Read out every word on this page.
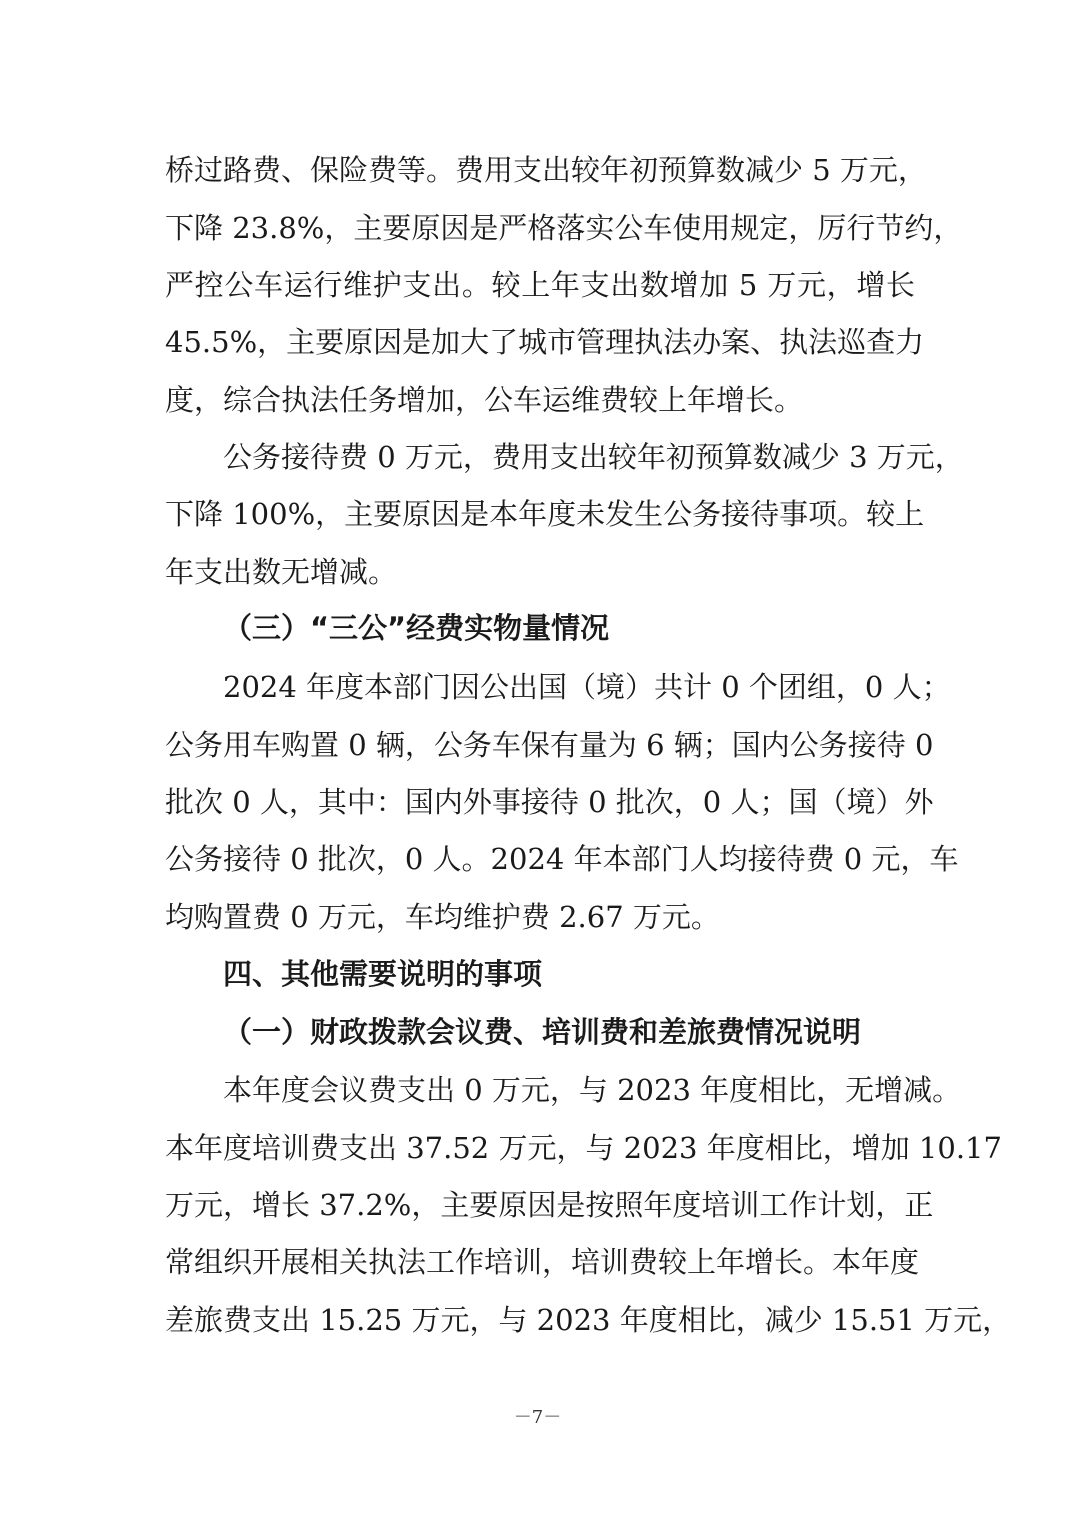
桥过路费、保险费等。费用支出较年初预算数减少 5 万元，
下降 23.8%，主要原因是严格落实公车使用规定，厉行节约，
严控公车运行维护支出。较上年支出数增加 5 万元，增长
45.5%，主要原因是加大了城市管理执法办案、执法巡查力
度，综合执法任务增加，公车运维费较上年增长。
公务接待费 0 万元，费用支出较年初预算数减少 3 万元，
下降 100%，主要原因是本年度未发生公务接待事项。较上
年支出数无增减。
（三）“三公”经费实物量情况
2024 年度本部门因公出国（境）共计 0 个团组，0 人；
公务用车购置 0 辆，公务车保有量为 6 辆；国内公务接待 0
批次 0 人，其中：国内外事接待 0 批次，0 人；国（境）外
公务接待 0 批次，0 人。2024 年本部门人均接待费 0 元，车
均购置费 0 万元，车均维护费 2.67 万元。
四、其他需要说明的事项
（一）财政拨款会议费、培训费和差旅费情况说明
本年度会议费支出 0 万元，与 2023 年度相比，无增减。
本年度培训费支出 37.52 万元，与 2023 年度相比，增加 10.17
万元，增长 37.2%，主要原因是按照年度培训工作计划，正
常组织开展相关执法工作培训，培训费较上年增长。本年度
差旅费支出 15.25 万元，与 2023 年度相比，减少 15.51 万元，
－7－
